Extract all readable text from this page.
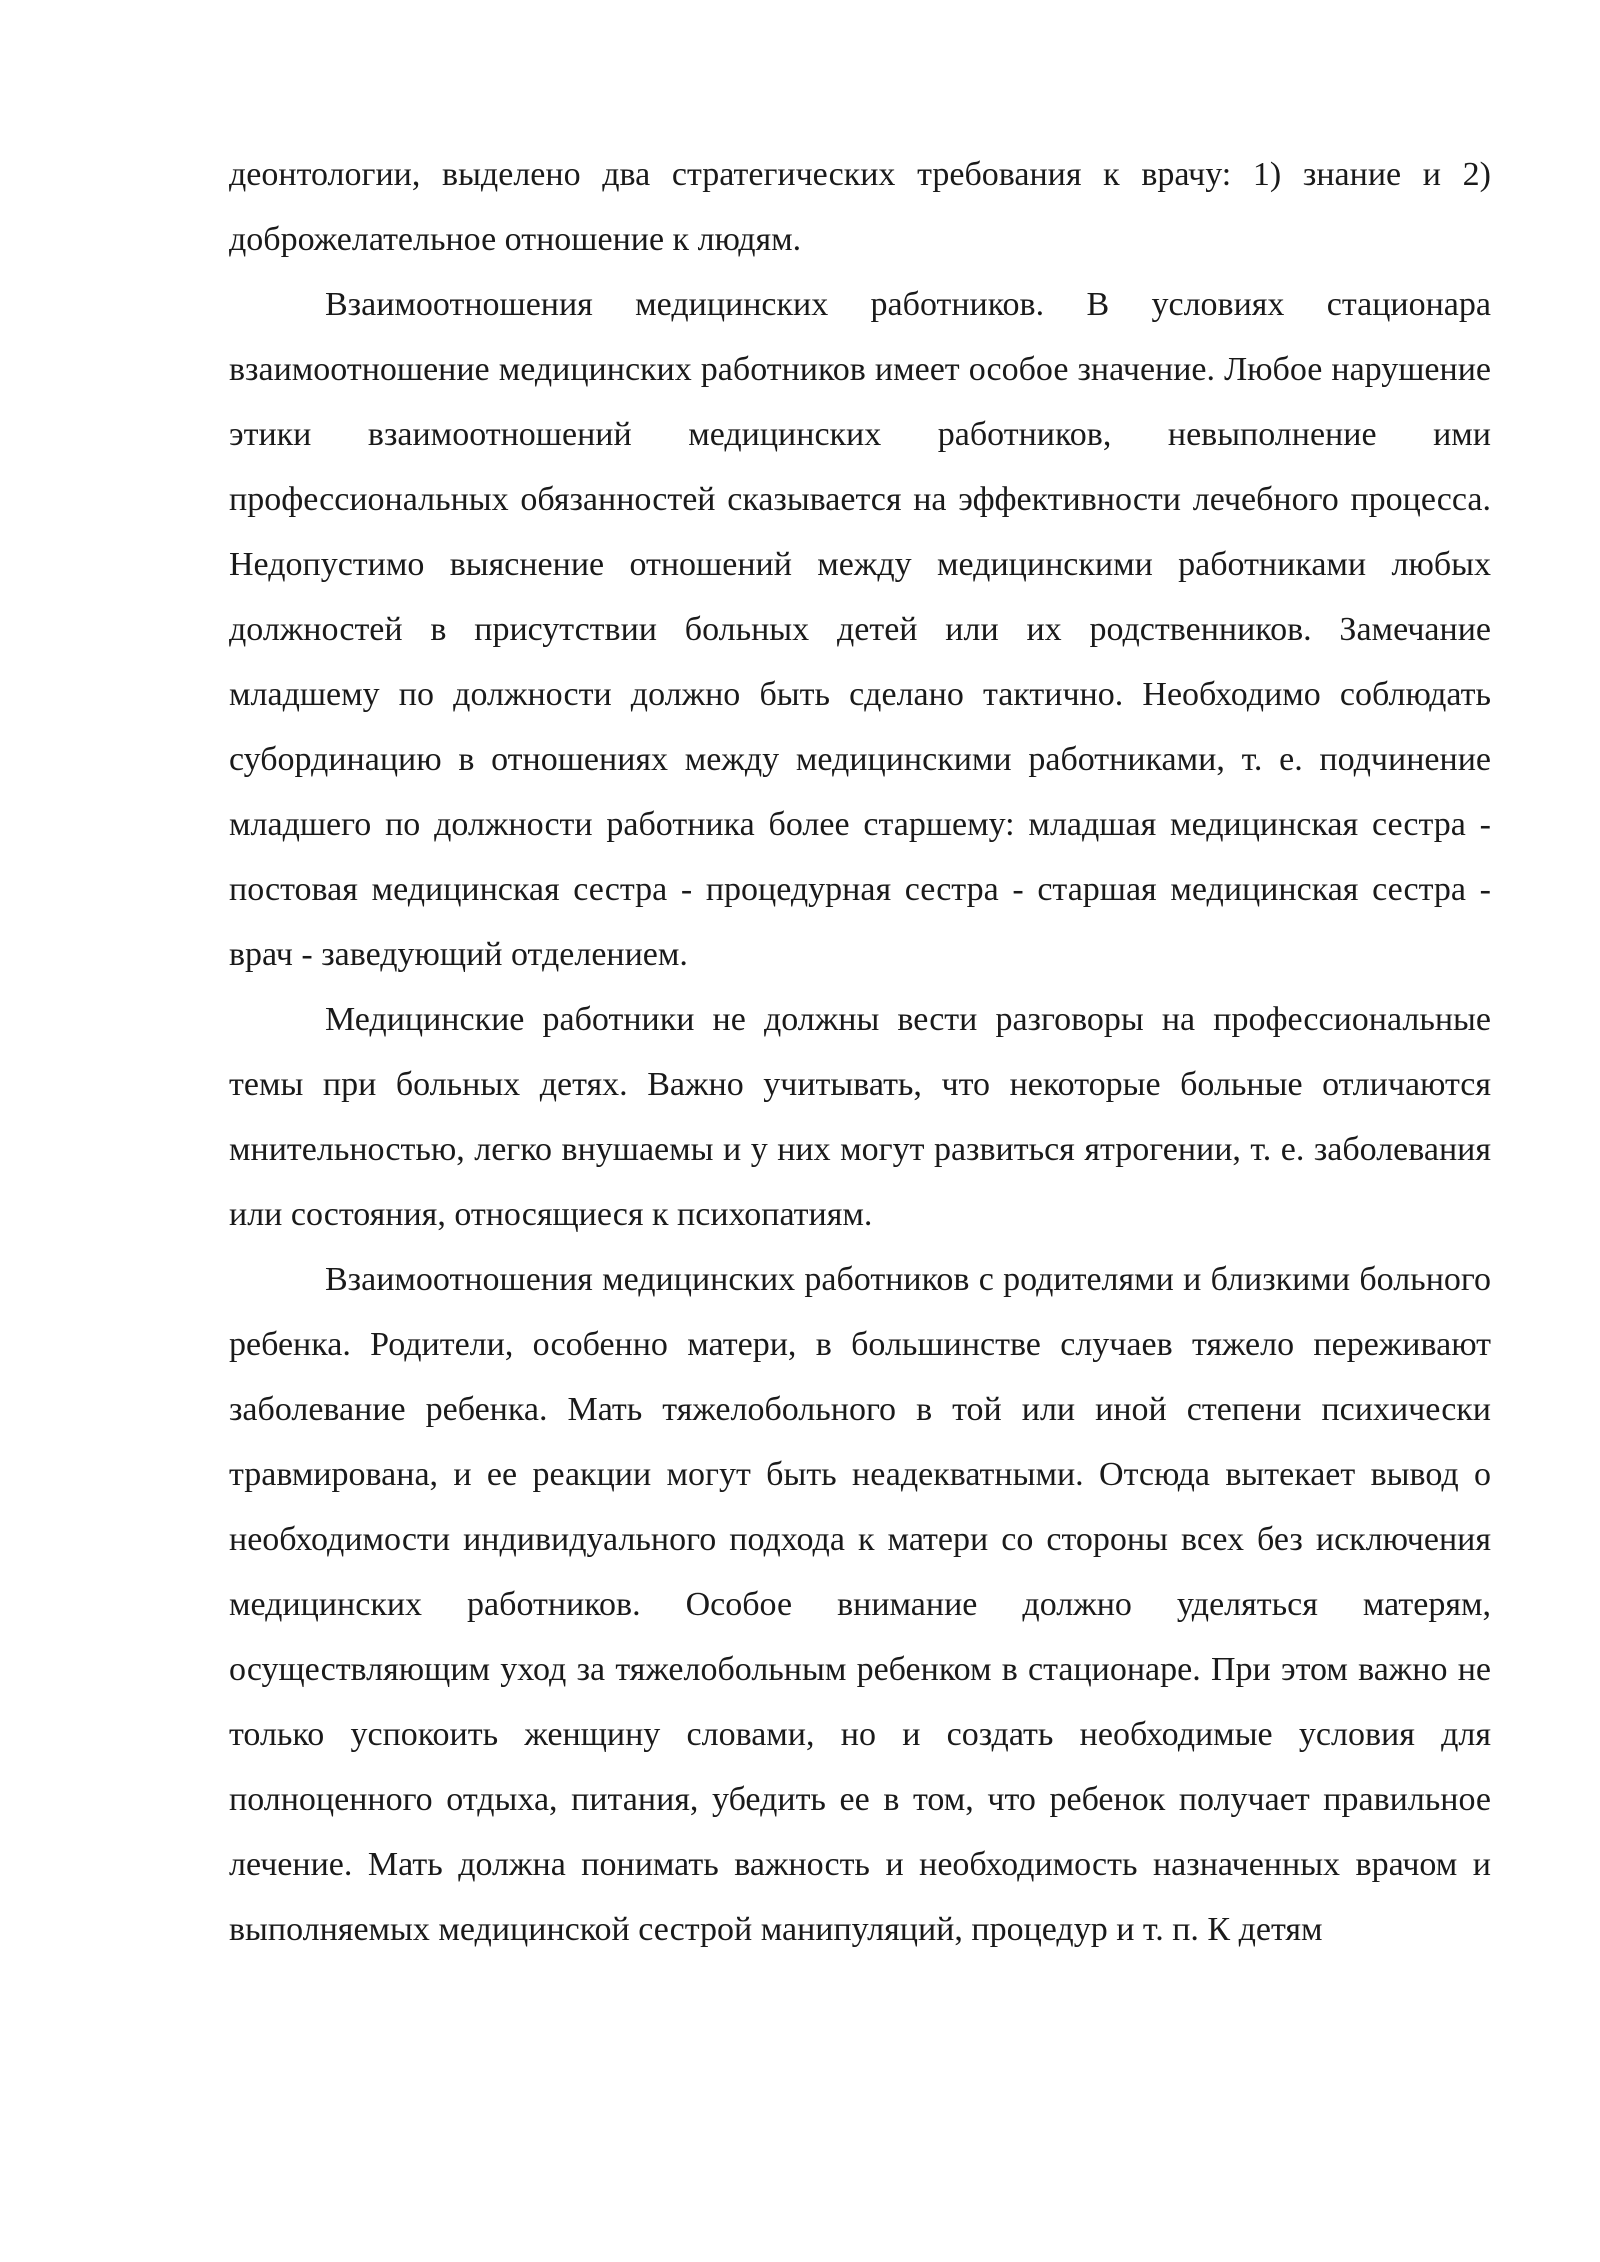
деонтологии, выделено два стратегических требования к врачу: 1) знание и 2) доброжелательное отношение к людям.

Взаимоотношения медицинских работников. В условиях стационара взаимоотношение медицинских работников имеет особое значение. Любое нарушение этики взаимоотношений медицинских работников, невыполнение ими профессиональных обязанностей сказывается на эффективности лечебного процесса. Недопустимо выяснение отношений между медицинскими работниками любых должностей в присутствии больных детей или их родственников. Замечание младшему по должности должно быть сделано тактично. Необходимо соблюдать субординацию в отношениях между медицинскими работниками, т. е. подчинение младшего по должности работника более старшему: младшая медицинская сестра - постовая медицинская сестра - процедурная сестра - старшая медицинская сестра - врач - заведующий отделением.

Медицинские работники не должны вести разговоры на профессиональные темы при больных детях. Важно учитывать, что некоторые больные отличаются мнительностью, легко внушаемы и у них могут развиться ятрогении, т. е. заболевания или состояния, относящиеся к психопатиям.

Взаимоотношения медицинских работников с родителями и близкими больного ребенка. Родители, особенно матери, в большинстве случаев тяжело переживают заболевание ребенка. Мать тяжелобольного в той или иной степени психически травмирована, и ее реакции могут быть неадекватными. Отсюда вытекает вывод о необходимости индивидуального подхода к матери со стороны всех без исключения медицинских работников. Особое внимание должно уделяться матерям, осуществляющим уход за тяжелобольным ребенком в стационаре. При этом важно не только успокоить женщину словами, но и создать необходимые условия для полноценного отдыха, питания, убедить ее в том, что ребенок получает правильное лечение. Мать должна понимать важность и необходимость назначенных врачом и выполняемых медицинской сестрой манипуляций, процедур и т. п. К детям
